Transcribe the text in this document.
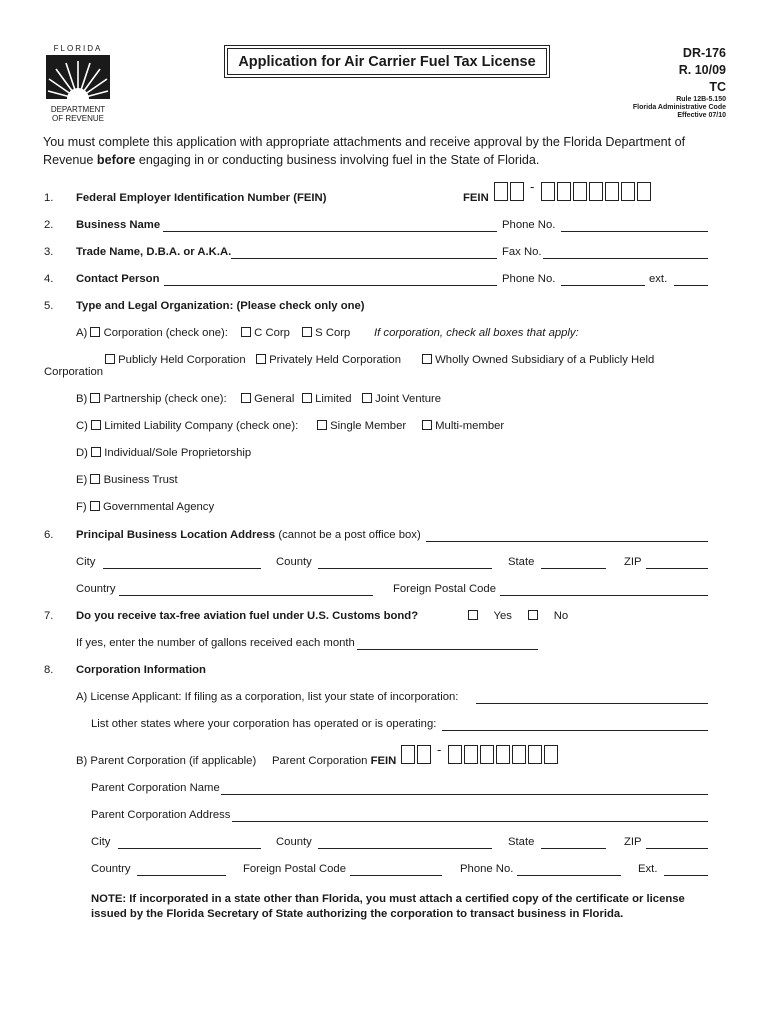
FLORIDA
DEPARTMENT
OF REVENUE
Application for Air Carrier Fuel Tax License
DR-176
R. 10/09
TC
Rule 12B-5.150
Florida Administrative Code
Effective 07/10
You must complete this application with appropriate attachments and receive approval by the Florida Department of
Revenue before engaging in or conducting business involving fuel in the State of Florida.
1. Federal Employer Identification Number (FEIN)	FEIN
-
2. Business Name	Phone No.
3. Trade Name, D.B.A. or A.K.A.	Fax No.
4. Contact Person	Phone No.	ext.
5. Type and Legal Organization: (Please check only one)
A) Corporation (check one):	C Corp	S Corp If corporation, check all boxes that apply:
Publicly Held Corporation	Privately Held Corporation	Wholly Owned Subsidiary of a Publicly Held
Corporation
B) Partnership (check one):	General	Limited	Joint Venture
C) Limited Liability Company (check one):	Single Member	Multi-member
D) Individual/Sole Proprietorship
E) Business Trust
F) Governmental Agency
6. Principal Business Location Address (cannot be a post office box)
City	County	State	ZIP
Country	Foreign Postal Code
7. Do you receive tax-free aviation fuel under U.S. Customs bond?	Yes	No
If yes, enter the number of gallons received each month
8. Corporation Information
A) License Applicant: If filing as a corporation, list your state of incorporation:
List other states where your corporation has operated or is operating:
B) Parent Corporation (if applicable) Parent Corporation FEIN
-
Parent Corporation Name
Parent Corporation Address
City	County	State	ZIP
Country	Foreign Postal Code	Phone No.	Ext.
NOTE: If incorporated in a state other than Florida, you must attach a certified copy of the certificate or license
issued by the Florida Secretary of State authorizing the corporation to transact business in Florida.
